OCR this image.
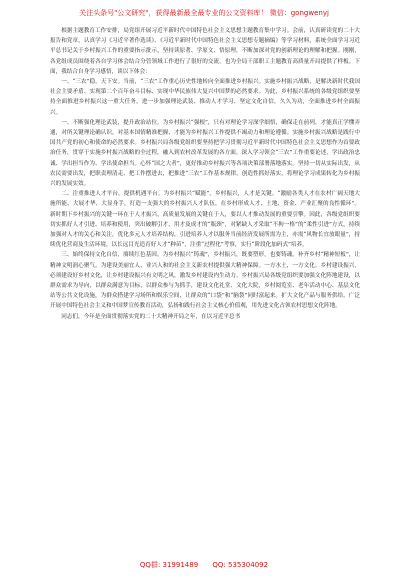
关注头条号"公文研究"，获得最新最全最专业的公文资料库！ 微信：gongwenyj

根据主题教育工作安排，局党组开展习近平新时代中国特色社会主义思想主题教育集中学习。会前，认真研读党的二十大报告和党章，认真学习《习近平著作选读》、《习近平新时代中国特色社会主义思想专题摘编》等学习材料，系统全面学习习近平总书记关于乡村振兴工作的重要指示批示，坚持读原著、学原文、悟原理，不断加深对党的创新理论的理解和把握。刚刚，各党组成员围绕着各自学习体会结合分管领域工作进行了很好的交流，也为全局干部职工主题教育高质量开局提供了样板。下面，我结合自身学习感悟，谈以下体会：

一、“三农”稳，天下安。当前，“三农”工作重心历史性地转向全面推进乡村振兴。实施乡村振兴战略，是解决新时代我国社会主要矛盾、实现第二个百年奋斗目标、实现中华民族伟大复兴中国梦的必然要求。为此，乡村振兴系统的各级党组织要坚持全面推进乡村振兴这一重大任务，进一步加强理论武装、推动人才学习、坚定文化自信，久久为功，全面推进乡村全面振兴。

一、不断强化理论武装，提升政治站位。为乡村振兴“强根”，只有对理论学习深学细悟，确保走在前列，才能真正学懂弄通，对所关键理论确认识，对基本国情精准把握，才能为乡村振兴工作提供不竭动力和理论遵循。实施乡村振兴战略是践行中国共产党的初心和使命的必然要求。乡村振兴局各级党组织要坚持把学习贯彻习近平新时代中国特色社会主义思想作为首要政治任务，贯穿于实施乡村振兴战略的全过程，融入到农村改革发展的各方面。深入学习领会“三农”工作重要论述，学出政治忠诚、学出担当作为、学出使命担当。心怀“国之大者”，更好推动乡村振兴等各项决策部署落地落实。坚持一切从实际出发，从农民需要出发，把职责理清走、把工作摆进去，把推进“三农”工作基本规律，创造性抓好落实，将理论学习成果转化为乡村振兴的发展实效。

二、注重推进人才平台，提供机遇平台。为乡村振兴“赋能”，乡村振兴，人才是关键。“激励各类人才在农村广阔天地大施所能、大展才华、大显身手，打造一支强大的乡村振兴人才队伍，在乡村形成人才、土地、资金、产业汇聚的良性循环”。新时期下乡村振兴的关键一环在于人才振兴，高质量发展的关键在于人，要以人才推动发展的重要引擎。因此，各级党组织要切实抓好人才引进、培养和使用，突出破解引才、用才及成才的“瓶颈”，对紧缺人才采取“不拘一格”的“柔性引进”方式，持续加强对人才的关心和关注，优化多元人才培养结构，引进培养人才以服务当前经济发展所需为主，亦需“风物长宜放眼量”，持续优化营商及生活环境，以长远目光造育好人才“种苗”，注重“过程化”考察，实行“阶段化加码式”培养。

三、始终保持文化自信，赓续红色基因。为乡村振兴“铸魂”，乡村振兴，既要塑形，也要铸魂。补齐乡村“精神短板”，让精神文明润心聚气，为建设美丽宜人、业兴人和的社会主义新农村提供强大精神保障。一方水土，一方文化。乡村建设振兴，必须建设好乡村文化，让乡村建设振兴有文明之风，激发乡村建设内生动力。乡村振兴局各级党组织要加强文化阵地建设，以群众需求为导向，以群众满意为目标，以群众参与为抓手，建设文化礼堂、文化大院，乡村阅览室、老年活动中心、基层文化站等公共文化设施，为群众搭建学习场所和娱乐空间，让群众的“口袋”和“脑袋”同时富起来。扩大文化产品与服务供给，广泛开展中国特色社会主义和中国梦宣传教育活动，弘扬和践行社会主义核心价值观，用先进文化占领农村思想文化阵地。

同志们，今年是全面贯彻落实党的二十大精神开局之年，在以习近平总书

QQ群: 31991489 QQ: 535304092
